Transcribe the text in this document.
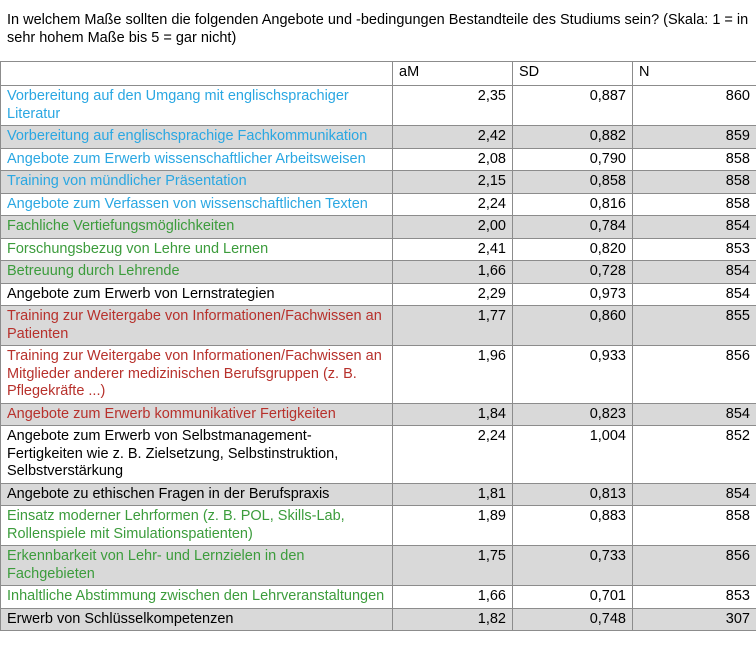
In welchem Maße sollten die folgenden Angebote und -bedingungen Bestandteile des Studiums sein? (Skala: 1 = in sehr hohem Maße bis 5 = gar nicht)
	aM	SD	N
Vorbereitung auf den Umgang mit englischsprachiger Literatur	2,35	0,887	860
Vorbereitung auf englischsprachige Fachkommunikation	2,42	0,882	859
Angebote zum Erwerb wissenschaftlicher Arbeitsweisen	2,08	0,790	858
Training von mündlicher Präsentation	2,15	0,858	858
Angebote zum Verfassen von wissenschaftlichen Texten	2,24	0,816	858
Fachliche Vertiefungsmöglichkeiten	2,00	0,784	854
Forschungsbezug von Lehre und Lernen	2,41	0,820	853
Betreuung durch Lehrende	1,66	0,728	854
Angebote zum Erwerb von Lernstrategien	2,29	0,973	854
Training zur Weitergabe von Informationen/Fachwissen an Patienten	1,77	0,860	855
Training zur Weitergabe von Informationen/Fachwissen an Mitglieder anderer medizinischen Berufsgruppen (z. B. Pflegekräfte ...)	1,96	0,933	856
Angebote zum Erwerb kommunikativer Fertigkeiten	1,84	0,823	854
Angebote zum Erwerb von Selbstmanagement-Fertigkeiten wie z. B. Zielsetzung, Selbstinstruktion, Selbstverstärkung	2,24	1,004	852
Angebote zu ethischen Fragen in der Berufspraxis	1,81	0,813	854
Einsatz moderner Lehrformen (z. B. POL, Skills-Lab, Rollenspiele mit Simulationspatienten)	1,89	0,883	858
Erkennbarkeit von Lehr- und Lernzielen in den Fachgebieten	1,75	0,733	856
Inhaltliche Abstimmung zwischen den Lehrveranstaltungen	1,66	0,701	853
Erwerb von Schlüsselkompetenzen	1,82	0,748	307
